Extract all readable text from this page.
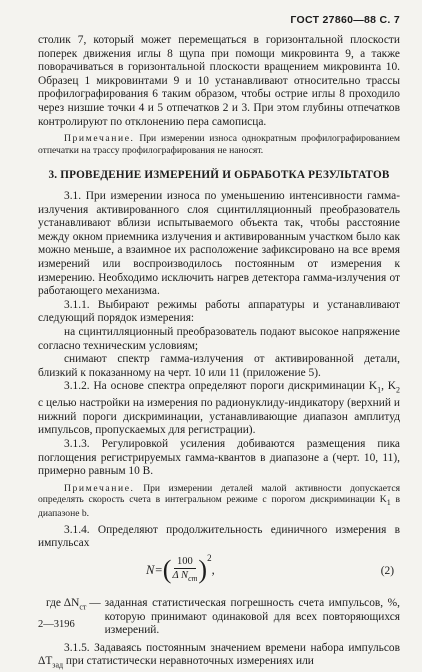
ГОСТ 27860—88 С. 7

столик 7, который может перемещаться в горизонтальной плоскости поперек движения иглы 8 щупа при помощи микровинта 9, а также поворачиваться в горизонтальной плоскости вращением микровинта 10. Образец 1 микровинтами 9 и 10 устанавливают относительно трассы профилографирования 6 таким образом, чтобы острие иглы 8 проходило через низшие точки 4 и 5 отпечатков 2 и 3. При этом глубины отпечатков контролируют по отклонению пера самописца.

Примечание. При измерении износа однократным профилографированием отпечатки на трассу профилографирования не наносят.

3. ПРОВЕДЕНИЕ ИЗМЕРЕНИЙ И ОБРАБОТКА РЕЗУЛЬТАТОВ

3.1. При измерении износа по уменьшению интенсивности гамма-излучения активированного слоя сцинтилляционный преобразователь устанавливают вблизи испытываемого объекта так, чтобы расстояние между окном приемника излучения и активированным участком было как можно меньше, а взаимное их расположение зафиксировано на все время измерений или воспроизводилось постоянным от измерения к измерению. Необходимо исключить нагрев детектора гамма-излучения от работающего механизма.

3.1.1. Выбирают режимы работы аппаратуры и устанавливают следующий порядок измерения:

на сцинтилляционный преобразователь подают высокое напряжение согласно техническим условиям;

снимают спектр гамма-излучения от активированной детали, близкий к показанному на черт. 10 или 11 (приложение 5).

3.1.2. На основе спектра определяют пороги дискриминации $K_1$, $K_2$ с целью настройки на измерения по радионуклиду-индикатору (верхний и нижний пороги дискриминации, устанавливающие диапазон амплитуд импульсов, пропускаемых для регистрации).

3.1.3. Регулировкой усиления добиваются размещения пика поглощения регистрируемых гамма-квантов в диапазоне а (черт. 10, 11), примерно равным 10 В.

Примечание. При измерении деталей малой активности допускается определять скорость счета в интегральном режиме с порогом дискриминации $K_1$ в диапазоне b.

3.1.4. Определяют продолжительность единичного измерения в импульсах

N= ( $\frac{100}{\Delta N_{ст}}$ ) 2
,	(2)
где $\Delta N_{ст}$ — заданная статистическая погрешность счета импульсов, %, которую принимают одинаковой для всех повторяющихся измерений.

3.1.5. Задаваясь постоянным значением времени набора импульсов $\Delta T_{зад}$ при статистически неравноточных измерениях или

2—3196
